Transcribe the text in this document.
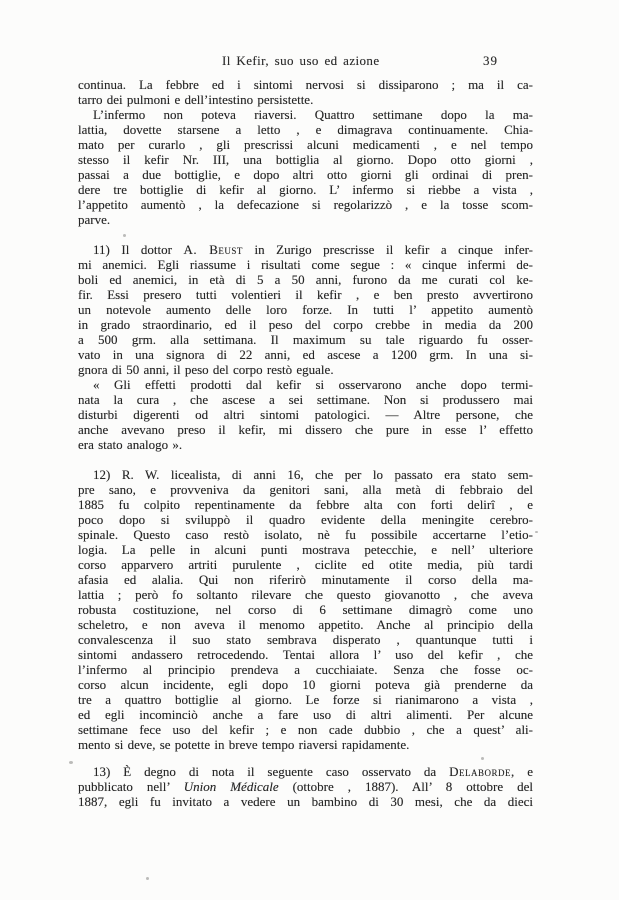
Il Kefir, suo uso ed azione	39
continua. La febbre ed i sintomi nervosi si dissiparono ; ma il ca-
tarro dei pulmoni e dell’intestino persistette.
L’infermo non poteva riaversi. Quattro settimane dopo la ma-
lattia, dovette starsene a letto , e dimagrava continuamente. Chia-
mato per curarlo , gli prescrissi alcuni medicamenti , e nel tempo
stesso il kefir Nr. III, una bottiglia al giorno. Dopo otto giorni ,
passai a due bottiglie, e dopo altri otto giorni gli ordinai di pren-
dere tre bottiglie di kefir al giorno. L’ infermo si riebbe a vista ,
l’appetito aumentò , la defecazione si regolarizzò , e la tosse scom-
parve.
11) Il dottor A. Beust in Zurigo prescrisse il kefir a cinque infer-
mi anemici. Egli riassume i risultati come segue : « cinque infermi de-
boli ed anemici, in età di 5 a 50 anni, furono da me curati col ke-
fir. Essi presero tutti volentieri il kefir , e ben presto avvertirono
un notevole aumento delle loro forze. In tutti l’ appetito aumentò
in grado straordinario, ed il peso del corpo crebbe in media da 200
a 500 grm. alla settimana. Il maximum su tale riguardo fu osser-
vato in una signora di 22 anni, ed ascese a 1200 grm. In una si-
gnora di 50 anni, il peso del corpo restò eguale.
« Gli effetti prodotti dal kefir si osservarono anche dopo termi-
nata la cura , che ascese a sei settimane. Non si produssero mai
disturbi digerenti od altri sintomi patologici. — Altre persone, che
anche avevano preso il kefir, mi dissero che pure in esse l’ effetto
era stato analogo ».
12) R. W. licealista, di anni 16, che per lo passato era stato sem-
pre sano, e provveniva da genitori sani, alla metà di febbraio del
1885 fu colpito repentinamente da febbre alta con forti delirî , e
poco dopo si sviluppò il quadro evidente della meningite cerebro-
spinale. Questo caso restò isolato, nè fu possibile accertarne l’etio-
logia. La pelle in alcuni punti mostrava petecchie, e nell’ ulteriore
corso apparvero artriti purulente , ciclite ed otite media, più tardi
afasia ed alalia. Qui non riferirò minutamente il corso della ma-
lattia ; però fo soltanto rilevare che questo giovanotto , che aveva
robusta costituzione, nel corso di 6 settimane dimagrò come uno
scheletro, e non aveva il menomo appetito. Anche al principio della
convalescenza il suo stato sembrava disperato , quantunque tutti i
sintomi andassero retrocedendo. Tentai allora l’ uso del kefir , che
l’infermo al principio prendeva a cucchiaiate. Senza che fosse oc-
corso alcun incidente, egli dopo 10 giorni poteva già prenderne da
tre a quattro bottiglie al giorno. Le forze si rianimarono a vista ,
ed egli incominciò anche a fare uso di altri alimenti. Per alcune
settimane fece uso del kefir ; e non cade dubbio , che a quest’ ali-
mento si deve, se potette in breve tempo riaversi rapidamente.
13) È degno di nota il seguente caso osservato da Delaborde, e
pubblicato nell’ Union Médicale (ottobre , 1887). All’ 8 ottobre del
1887, egli fu invitato a vedere un bambino di 30 mesi, che da dieci
